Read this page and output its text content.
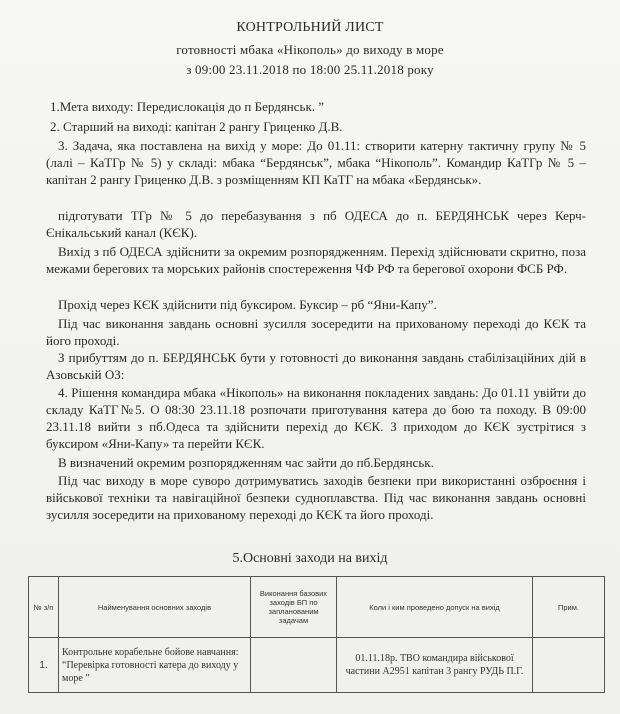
КОНТРОЛЬНИЙ ЛИСТ
готовності мбака «Нікополь» до виходу в море
з 09:00 23.11.2018 по 18:00 25.11.2018 року
1.Мета виходу: Передислокація до п Бердянськ. ”
2. Старший на виході: капітан 2 рангу Гриценко Д.В.
3. Задача, яка поставлена на вихід у море: До 01.11: створити катерну тактичну групу № 5 (лалі – КаТГр № 5) у складі: мбака “Бердянськ”, мбака “Нікополь”. Командир КаТГр № 5 – капітан 2 рангу Гриценко Д.В. з розміщенням КП КаТГ на мбака «Бердянськ».
підготувати ТГр № 5 до перебазування з пб ОДЕСА до п. БЕРДЯНСЬК через Керч-Єнікальський канал (КЄК).
Вихід з пб ОДЕСА здійснити за окремим розпорядженням. Перехід здійснювати скритно, поза межами берегових та морських районів спостереження ЧФ РФ та берегової охорони ФСБ РФ.
Прохід через КЄК здійснити під буксиром. Буксир – рб “Яни-Капу”.
Під час виконання завдань основні зусилля зосередити на прихованому переході до КЄК та його проході.
З прибуттям до п. БЕРДЯНСЬК бути у готовності до виконання завдань стабілізаційних дій в Азовській ОЗ:
4. Рішення командира мбака «Нікополь» на виконання покладених завдань: До 01.11 увійти до складу КаТГ№5. О 08:30 23.11.18 розпочати приготування катера до бою та походу. В 09:00 23.11.18 вийти з пб.Одеса та здійснити перехід до КЄК. З приходом до КЄК зустрітися з буксиром «Яни-Капу» та перейти КЄК.
В визначений окремим розпорядженням час зайти до пб.Бердянськ.
Під час виходу в море суворо дотримуватись заходів безпеки при використанні озброєння і військової техніки та навігаційної безпеки судноплавства. Під час виконання завдань основні зусилля зосередити на прихованому переході до КЄК та його проході.
5.Основні заходи на вихід
№ з/п	Найменування основних заходів	Виконання базових заходів БП по запланованим задачам	Коли і ким проведено допуск на вихід	Прим.
1.	Контрольне корабельне бойове навчання: “Перевірка готовності катера до виходу у море ”		01.11.18р. ТВО командира військової частини А2951 капітан 3 рангу РУДЬ П.Г.	
